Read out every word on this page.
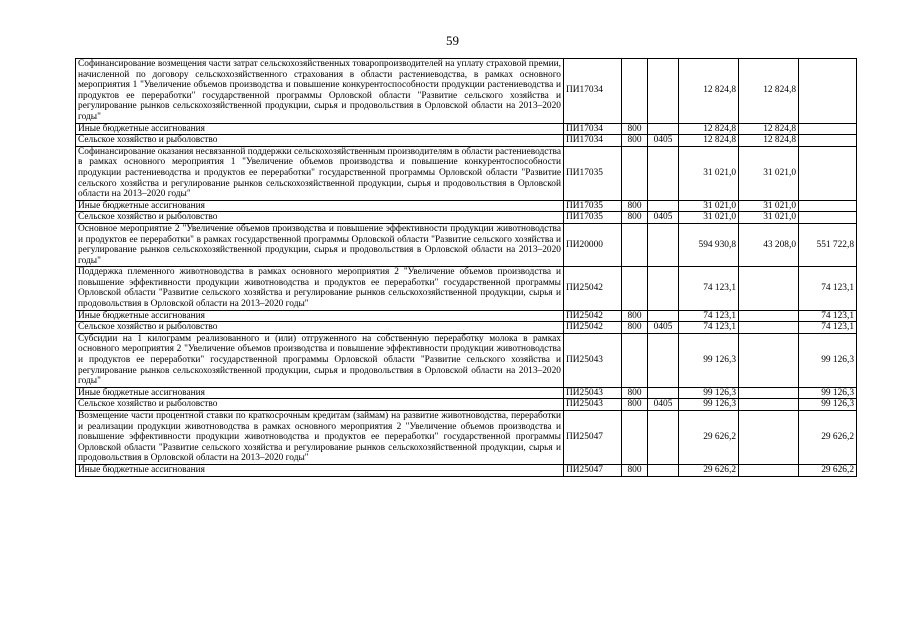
59
Софинансирование возмещения части затрат сельскохозяйственных товаропроизводителей на уплату страховой премии, начисленной по договору сельскохозяйственного страхования в области растениеводства, в рамках основного мероприятия 1 "Увеличение объемов производства и повышение конкурентоспособности продукции растениеводства и продуктов ее переработки" государственной программы Орловской области "Развитие сельского хозяйства и регулирование рынков сельскохозяйственной продукции, сырья и продовольствия в Орловской области на 2013–2020 годы"	ПИ17034			12 824,8	12 824,8	
Иные бюджетные ассигнования	ПИ17034	800		12 824,8	12 824,8	
Сельское хозяйство и рыболовство	ПИ17034	800	0405	12 824,8	12 824,8	
Софинансирование оказания несвязанной поддержки сельскохозяйственным производителям в области растениеводства в рамках основного мероприятия 1 "Увеличение объемов производства и повышение конкурентоспособности продукции растениеводства и продуктов ее переработки" государственной программы Орловской области "Развитие сельского хозяйства и регулирование рынков сельскохозяйственной продукции, сырья и продовольствия в Орловской области на 2013–2020 годы"	ПИ17035			31 021,0	31 021,0	
Иные бюджетные ассигнования	ПИ17035	800		31 021,0	31 021,0	
Сельское хозяйство и рыболовство	ПИ17035	800	0405	31 021,0	31 021,0	
Основное мероприятие 2 "Увеличение объемов производства и повышение эффективности продукции животноводства и продуктов ее переработки" в рамках государственной программы Орловской области "Развитие сельского хозяйства и регулирование рынков сельскохозяйственной продукции, сырья и продовольствия в Орловской области на 2013–2020 годы"	ПИ20000			594 930,8	43 208,0	551 722,8
Поддержка племенного животноводства в рамках основного мероприятия 2 "Увеличение объемов производства и повышение эффективности продукции животноводства и продуктов ее переработки" государственной программы Орловской области "Развитие сельского хозяйства и регулирование рынков сельскохозяйственной продукции, сырья и продовольствия в Орловской области на 2013–2020 годы"	ПИ25042			74 123,1		74 123,1
Иные бюджетные ассигнования	ПИ25042	800		74 123,1		74 123,1
Сельское хозяйство и рыболовство	ПИ25042	800	0405	74 123,1		74 123,1
Субсидии на 1 килограмм реализованного и (или) отгруженного на собственную переработку молока в рамках основного мероприятия 2 "Увеличение объемов производства и повышение эффективности продукции животноводства и продуктов ее переработки" государственной программы Орловской области "Развитие сельского хозяйства и регулирование рынков сельскохозяйственной продукции, сырья и продовольствия в Орловской области на 2013–2020 годы"	ПИ25043			99 126,3		99 126,3
Иные бюджетные ассигнования	ПИ25043	800		99 126,3		99 126,3
Сельское хозяйство и рыболовство	ПИ25043	800	0405	99 126,3		99 126,3
Возмещение части процентной ставки по краткосрочным кредитам (займам) на развитие животноводства, переработки и реализации продукции животноводства в рамках основного мероприятия 2 "Увеличение объемов производства и повышение эффективности продукции животноводства и продуктов ее переработки" государственной программы Орловской области "Развитие сельского хозяйства и регулирование рынков сельскохозяйственной продукции, сырья и продовольствия в Орловской области на 2013–2020 годы"	ПИ25047			29 626,2		29 626,2
Иные бюджетные ассигнования	ПИ25047	800		29 626,2		29 626,2
